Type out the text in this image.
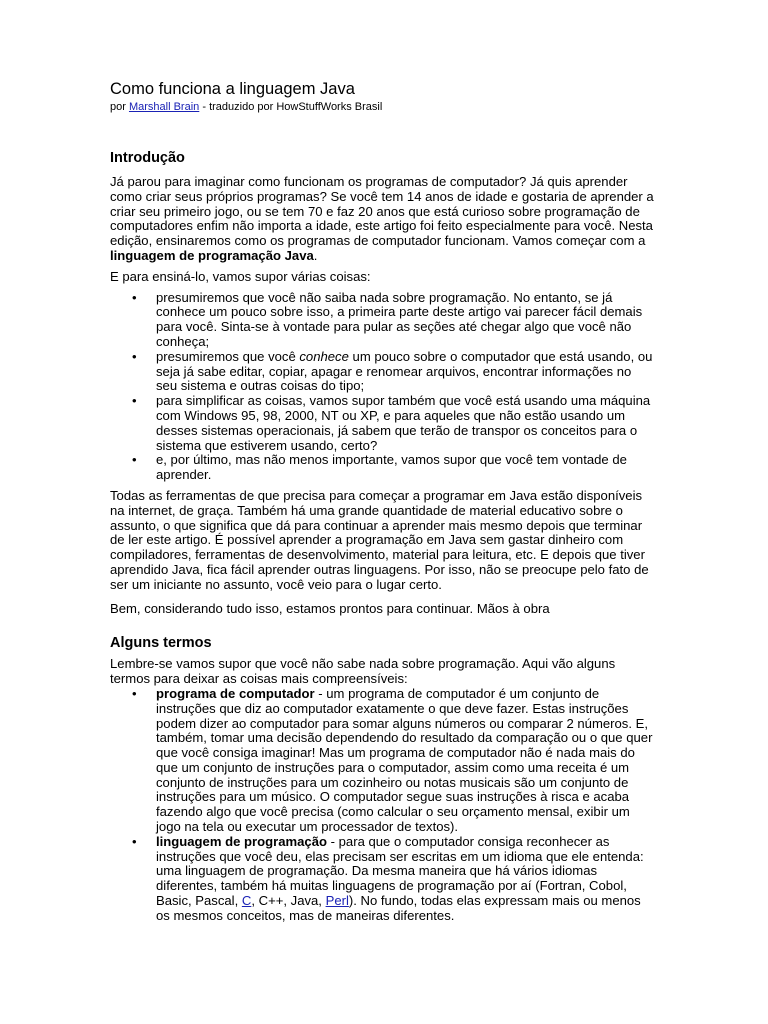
Como funciona a linguagem Java
por Marshall Brain - traduzido por HowStuffWorks Brasil
Introdução

Já parou para imaginar como funcionam os programas de computador? Já quis aprender como criar seus próprios programas? Se você tem 14 anos de idade e gostaria de aprender a criar seu primeiro jogo, ou se tem 70 e faz 20 anos que está curioso sobre programação de computadores enfim não importa a idade, este artigo foi feito especialmente para você. Nesta edição, ensinaremos como os programas de computador funcionam. Vamos começar com a linguagem de programação Java.

E para ensiná-lo, vamos supor várias coisas:

• presumiremos que você não saiba nada sobre programação. No entanto, se já conhece um pouco sobre isso, a primeira parte deste artigo vai parecer fácil demais para você. Sinta-se à vontade para pular as seções até chegar algo que você não conheça;
• presumiremos que você conhece um pouco sobre o computador que está usando, ou seja já sabe editar, copiar, apagar e renomear arquivos, encontrar informações no seu sistema e outras coisas do tipo;
• para simplificar as coisas, vamos supor também que você está usando uma máquina com Windows 95, 98, 2000, NT ou XP, e para aqueles que não estão usando um desses sistemas operacionais, já sabem que terão de transpor os conceitos para o sistema que estiverem usando, certo?
• e, por último, mas não menos importante, vamos supor que você tem vontade de aprender.

Todas as ferramentas de que precisa para começar a programar em Java estão disponíveis na internet, de graça. Também há uma grande quantidade de material educativo sobre o assunto, o que significa que dá para continuar a aprender mais mesmo depois que terminar de ler este artigo. É possível aprender a programação em Java sem gastar dinheiro com compiladores, ferramentas de desenvolvimento, material para leitura, etc. E depois que tiver aprendido Java, fica fácil aprender outras linguagens. Por isso, não se preocupe pelo fato de ser um iniciante no assunto, você veio para o lugar certo.

Bem, considerando tudo isso, estamos prontos para continuar. Mãos à obra

Alguns termos

Lembre-se vamos supor que você não sabe nada sobre programação. Aqui vão alguns termos para deixar as coisas mais compreensíveis:

• programa de computador - um programa de computador é um conjunto de instruções que diz ao computador exatamente o que deve fazer. Estas instruções podem dizer ao computador para somar alguns números ou comparar 2 números. E, também, tomar uma decisão dependendo do resultado da comparação ou o que quer que você consiga imaginar! Mas um programa de computador não é nada mais do que um conjunto de instruções para o computador, assim como uma receita é um conjunto de instruções para um cozinheiro ou notas musicais são um conjunto de instruções para um músico. O computador segue suas instruções à risca e acaba fazendo algo que você precisa (como calcular o seu orçamento mensal, exibir um jogo na tela ou executar um processador de textos).
• linguagem de programação - para que o computador consiga reconhecer as instruções que você deu, elas precisam ser escritas em um idioma que ele entenda: uma linguagem de programação. Da mesma maneira que há vários idiomas diferentes, também há muitas linguagens de programação por aí (Fortran, Cobol, Basic, Pascal, C, C++, Java, Perl). No fundo, todas elas expressam mais ou menos os mesmos conceitos, mas de maneiras diferentes.
